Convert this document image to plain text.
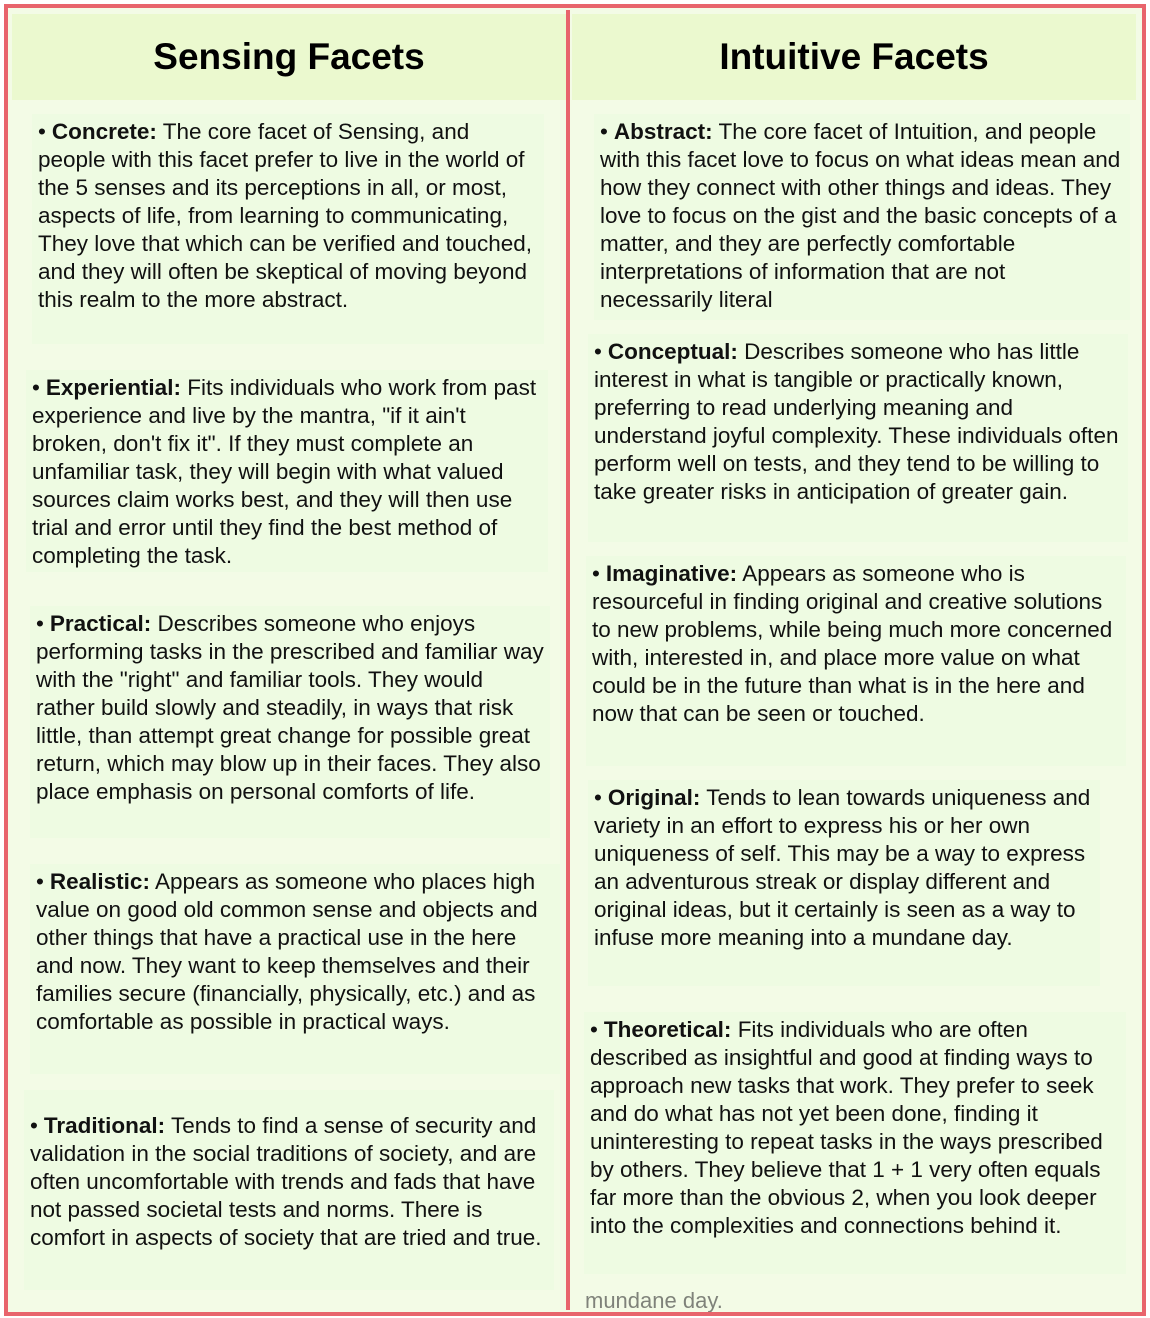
Sensing Facets
• Concrete: The core facet of Sensing, and people with this facet prefer to live in the world of the 5 senses and its perceptions in all, or most, aspects of life, from learning to communicating, They love that which can be verified and touched, and they will often be skeptical of moving beyond this realm to the more abstract.
• Experiential: Fits individuals who work from past experience and live by the mantra, "if it ain't broken, don't fix it". If they must complete an unfamiliar task, they will begin with what valued sources claim works best, and they will then use trial and error until they find the best method of completing the task.
• Practical: Describes someone who enjoys performing tasks in the prescribed and familiar way with the "right" and familiar tools. They would rather build slowly and steadily, in ways that risk little, than attempt great change for possible great return, which may blow up in their faces. They also place emphasis on personal comforts of life.
• Realistic: Appears as someone who places high value on good old common sense and objects and other things that have a practical use in the here and now. They want to keep themselves and their families secure (financially, physically, etc.) and as comfortable as possible in practical ways.
• Traditional: Tends to find a sense of security and validation in the social traditions of society, and are often uncomfortable with trends and fads that have not passed societal tests and norms. There is comfort in aspects of society that are tried and true.
Intuitive Facets
• Abstract: The core facet of Intuition, and people with this facet love to focus on what ideas mean and how they connect with other things and ideas. They love to focus on the gist and the basic concepts of a matter, and they are perfectly comfortable interpretations of information that are not necessarily literal
• Conceptual: Describes someone who has little interest in what is tangible or practically known, preferring to read underlying meaning and understand joyful complexity. These individuals often perform well on tests, and they tend to be willing to take greater risks in anticipation of greater gain.
• Imaginative: Appears as someone who is resourceful in finding original and creative solutions to new problems, while being much more concerned with, interested in, and place more value on what could be in the future than what is in the here and now that can be seen or touched.
• Original: Tends to lean towards uniqueness and variety in an effort to express his or her own uniqueness of self. This may be a way to express an adventurous streak or display different and original ideas, but it certainly is seen as a way to infuse more meaning into a mundane day.
• Theoretical: Fits individuals who are often described as insightful and good at finding ways to approach new tasks that work. They prefer to seek and do what has not yet been done, finding it uninteresting to repeat tasks in the ways prescribed by others. They believe that 1 + 1 very often equals far more than the obvious 2, when you look deeper into the complexities and connections behind it.
mundane day.
